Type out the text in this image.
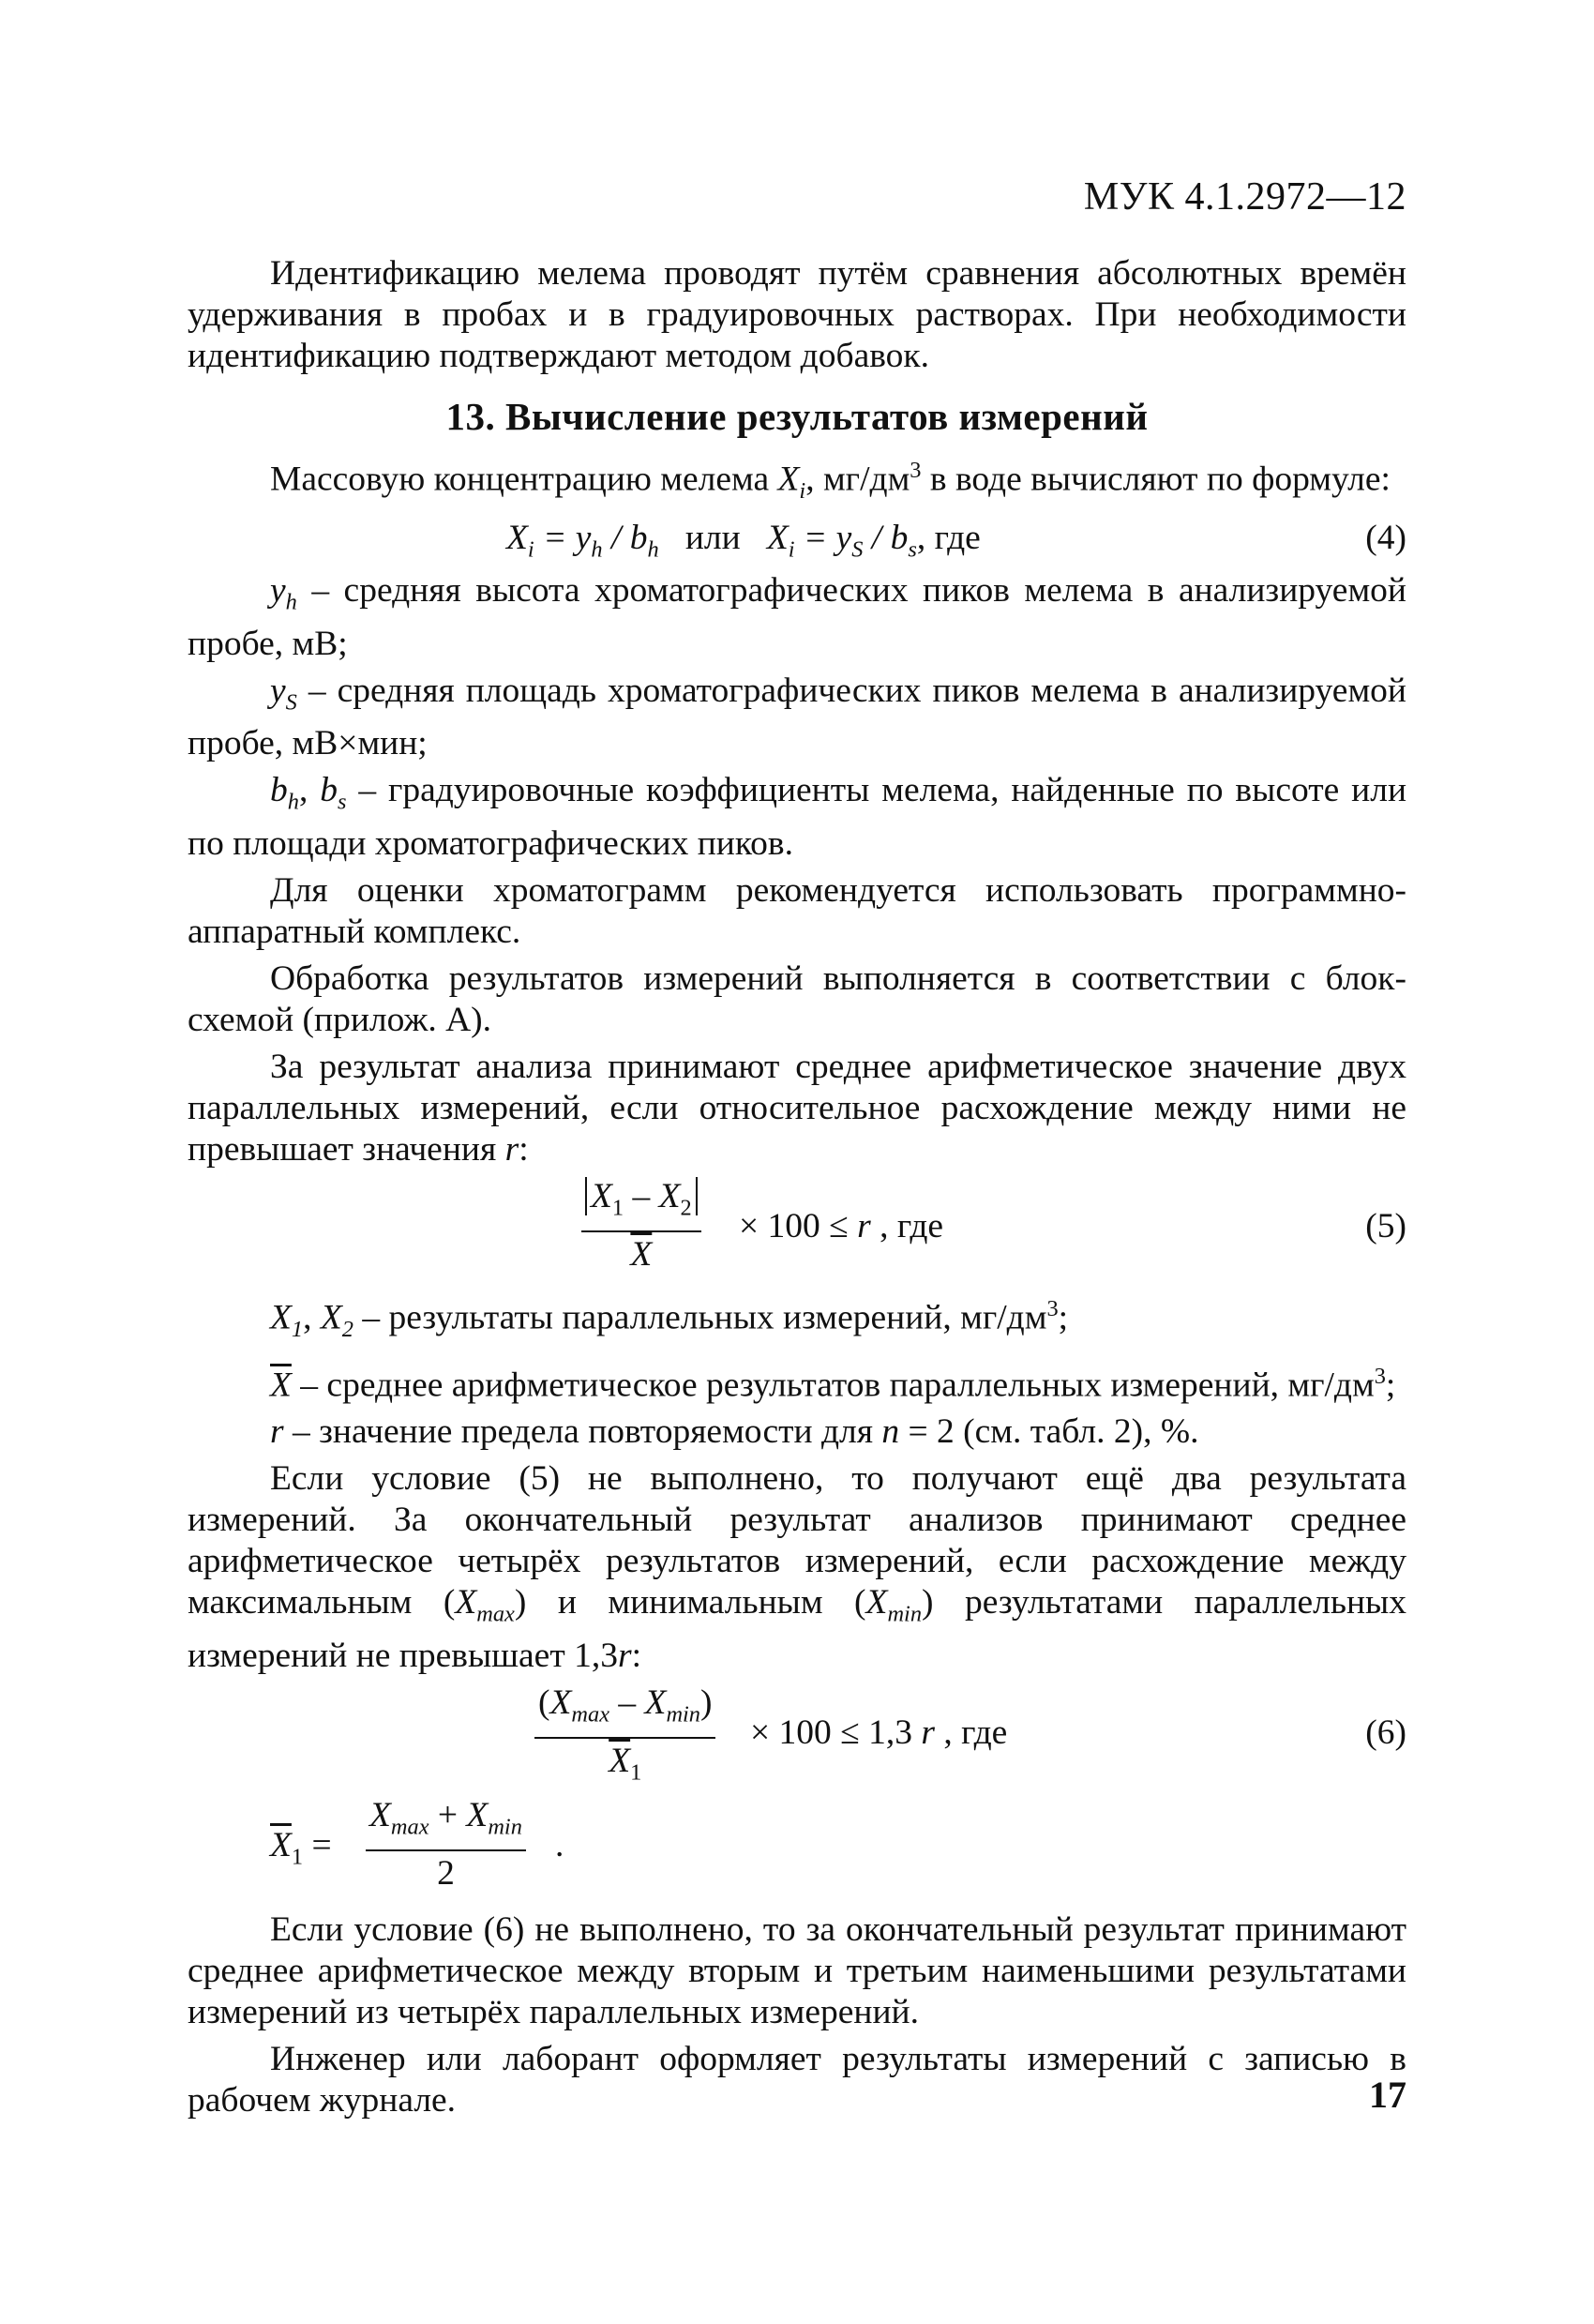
МУК 4.1.2972—12

Идентификацию мелема проводят путём сравнения абсолютных времён удерживания в пробах и в градуировочных растворах. При необходимости идентификацию подтверждают методом добавок.

13. Вычисление результатов измерений

Массовую концентрацию мелема $X_i$, $мг/дм^3$ в воде вычисляют по формуле:

$X_i = y_h / b_h$   или   $X_i = y_S / b_s$, где	(4)

$y_h$ – средняя высота хроматографических пиков мелема в анализируемой пробе, мВ;

$y_S$ – средняя площадь хроматографических пиков мелема в анализируемой пробе, мВ×мин;

$b_h$, $b_s$ – градуировочные коэффициенты мелема, найденные по высоте или по площади хроматографических пиков.

Для оценки хроматограмм рекомендуется использовать программно-аппаратный комплекс.

Обработка результатов измерений выполняется в соответствии с блок-схемой (прилож. А).

За результат анализа принимают среднее арифметическое значение двух параллельных измерений, если относительное расхождение между ними не превышает значения r:

$\frac{X_1 - X_2}{X} \times 100 \le r$ , где	(5)

$X_1$, $X_2$ – результаты параллельных измерений, $мг/дм^3$;

$\overline{X}$ – среднее арифметическое результатов параллельных измерений, $мг/дм^3$;

r – значение предела повторяемости для n = 2 (см. табл. 2), %.

Если условие (5) не выполнено, то получают ещё два результата измерений. За окончательный результат анализов принимают среднее арифметическое четырёх результатов измерений, если расхождение между максимальным $(X_{max})$ и минимальным $(X_{min})$ результатами параллельных измерений не превышает 1,3r:

$(X_{max} - X_{min})$
$\overline{X}_1$
× 100 ≤ 1,3 r , где	(6)
$\overline{X}_1$ =
$X_{max} + X_{min}$
2
.

Если условие (6) не выполнено, то за окончательный результат принимают среднее арифметическое между вторым и третьим наименьшими результатами измерений из четырёх параллельных измерений.

Инженер или лаборант оформляет результаты измерений с записью в рабочем журнале.	17
